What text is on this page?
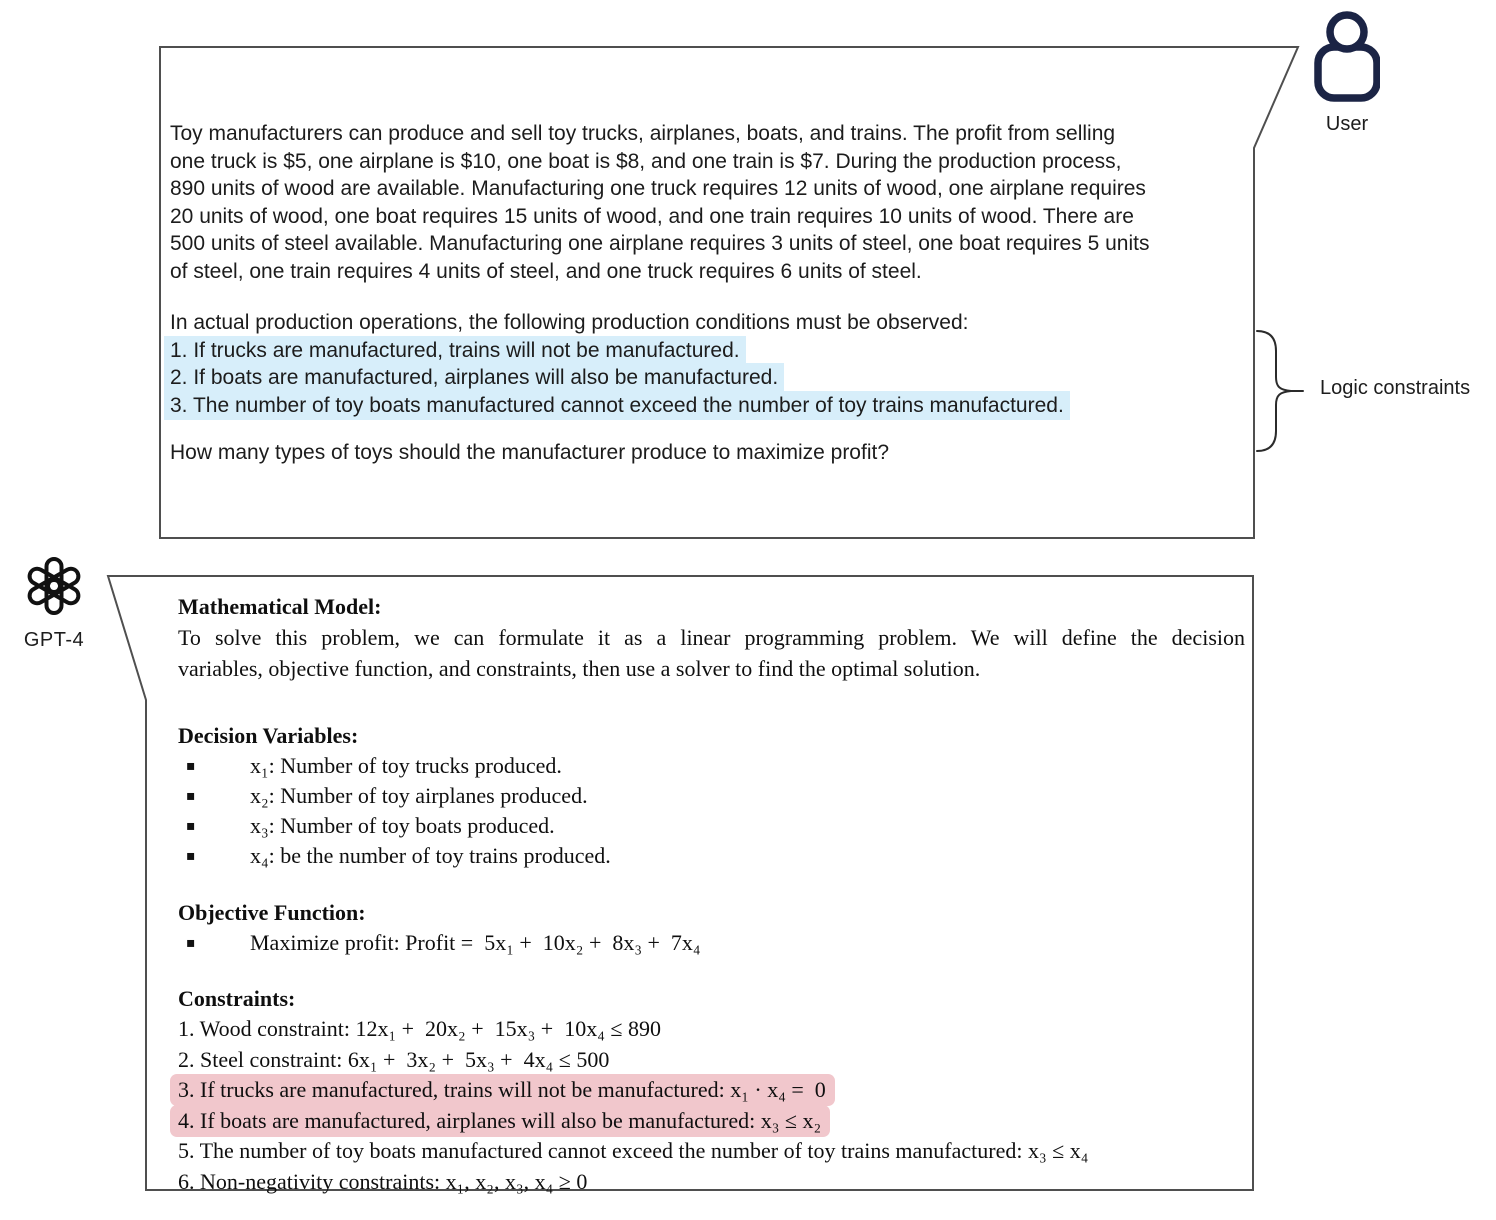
User
Logic constraints
GPT-4
Toy manufacturers can produce and sell toy trucks, airplanes, boats, and trains. The profit from selling
one truck is $5, one airplane is $10, one boat is $8, and one train is $7. During the production process,
890 units of wood are available. Manufacturing one truck requires 12 units of wood, one airplane requires
20 units of wood, one boat requires 15 units of wood, and one train requires 10 units of wood. There are
500 units of steel available. Manufacturing one airplane requires 3 units of steel, one boat requires 5 units
of steel, one train requires 4 units of steel, and one truck requires 6 units of steel.
In actual production operations, the following production conditions must be observed:
1. If trucks are manufactured, trains will not be manufactured.
2. If boats are manufactured, airplanes will also be manufactured.
3. The number of toy boats manufactured cannot exceed the number of toy trains manufactured.
How many types of toys should the manufacturer produce to maximize profit?
Mathematical Model:
To solve this problem, we can formulate it as a linear programming problem. We will define the decision
variables, objective function, and constraints, then use a solver to find the optimal solution.
Decision Variables:
▪	x₁: Number of toy trucks produced.
▪	x₂: Number of toy airplanes produced.
▪	x₃: Number of toy boats produced.
▪	x₄: be the number of toy trains produced.
Objective Function:
▪	Maximize profit: Profit =  5x₁ +  10x₂ +  8x₃ +  7x₄
Constraints:
1. Wood constraint: 12x₁ +  20x₂ +  15x₃ +  10x₄ ≤ 890
2. Steel constraint: 6x₁ +  3x₂ +  5x₃ +  4x₄ ≤ 500
3. If trucks are manufactured, trains will not be manufactured: x₁ · x₄ =  0
4. If boats are manufactured, airplanes will also be manufactured: x₃ ≤ x₂
5. The number of toy boats manufactured cannot exceed the number of toy trains manufactured: x₃ ≤ x₄
6. Non-negativity constraints: x₁, x₂, x₃, x₄ ≥ 0
